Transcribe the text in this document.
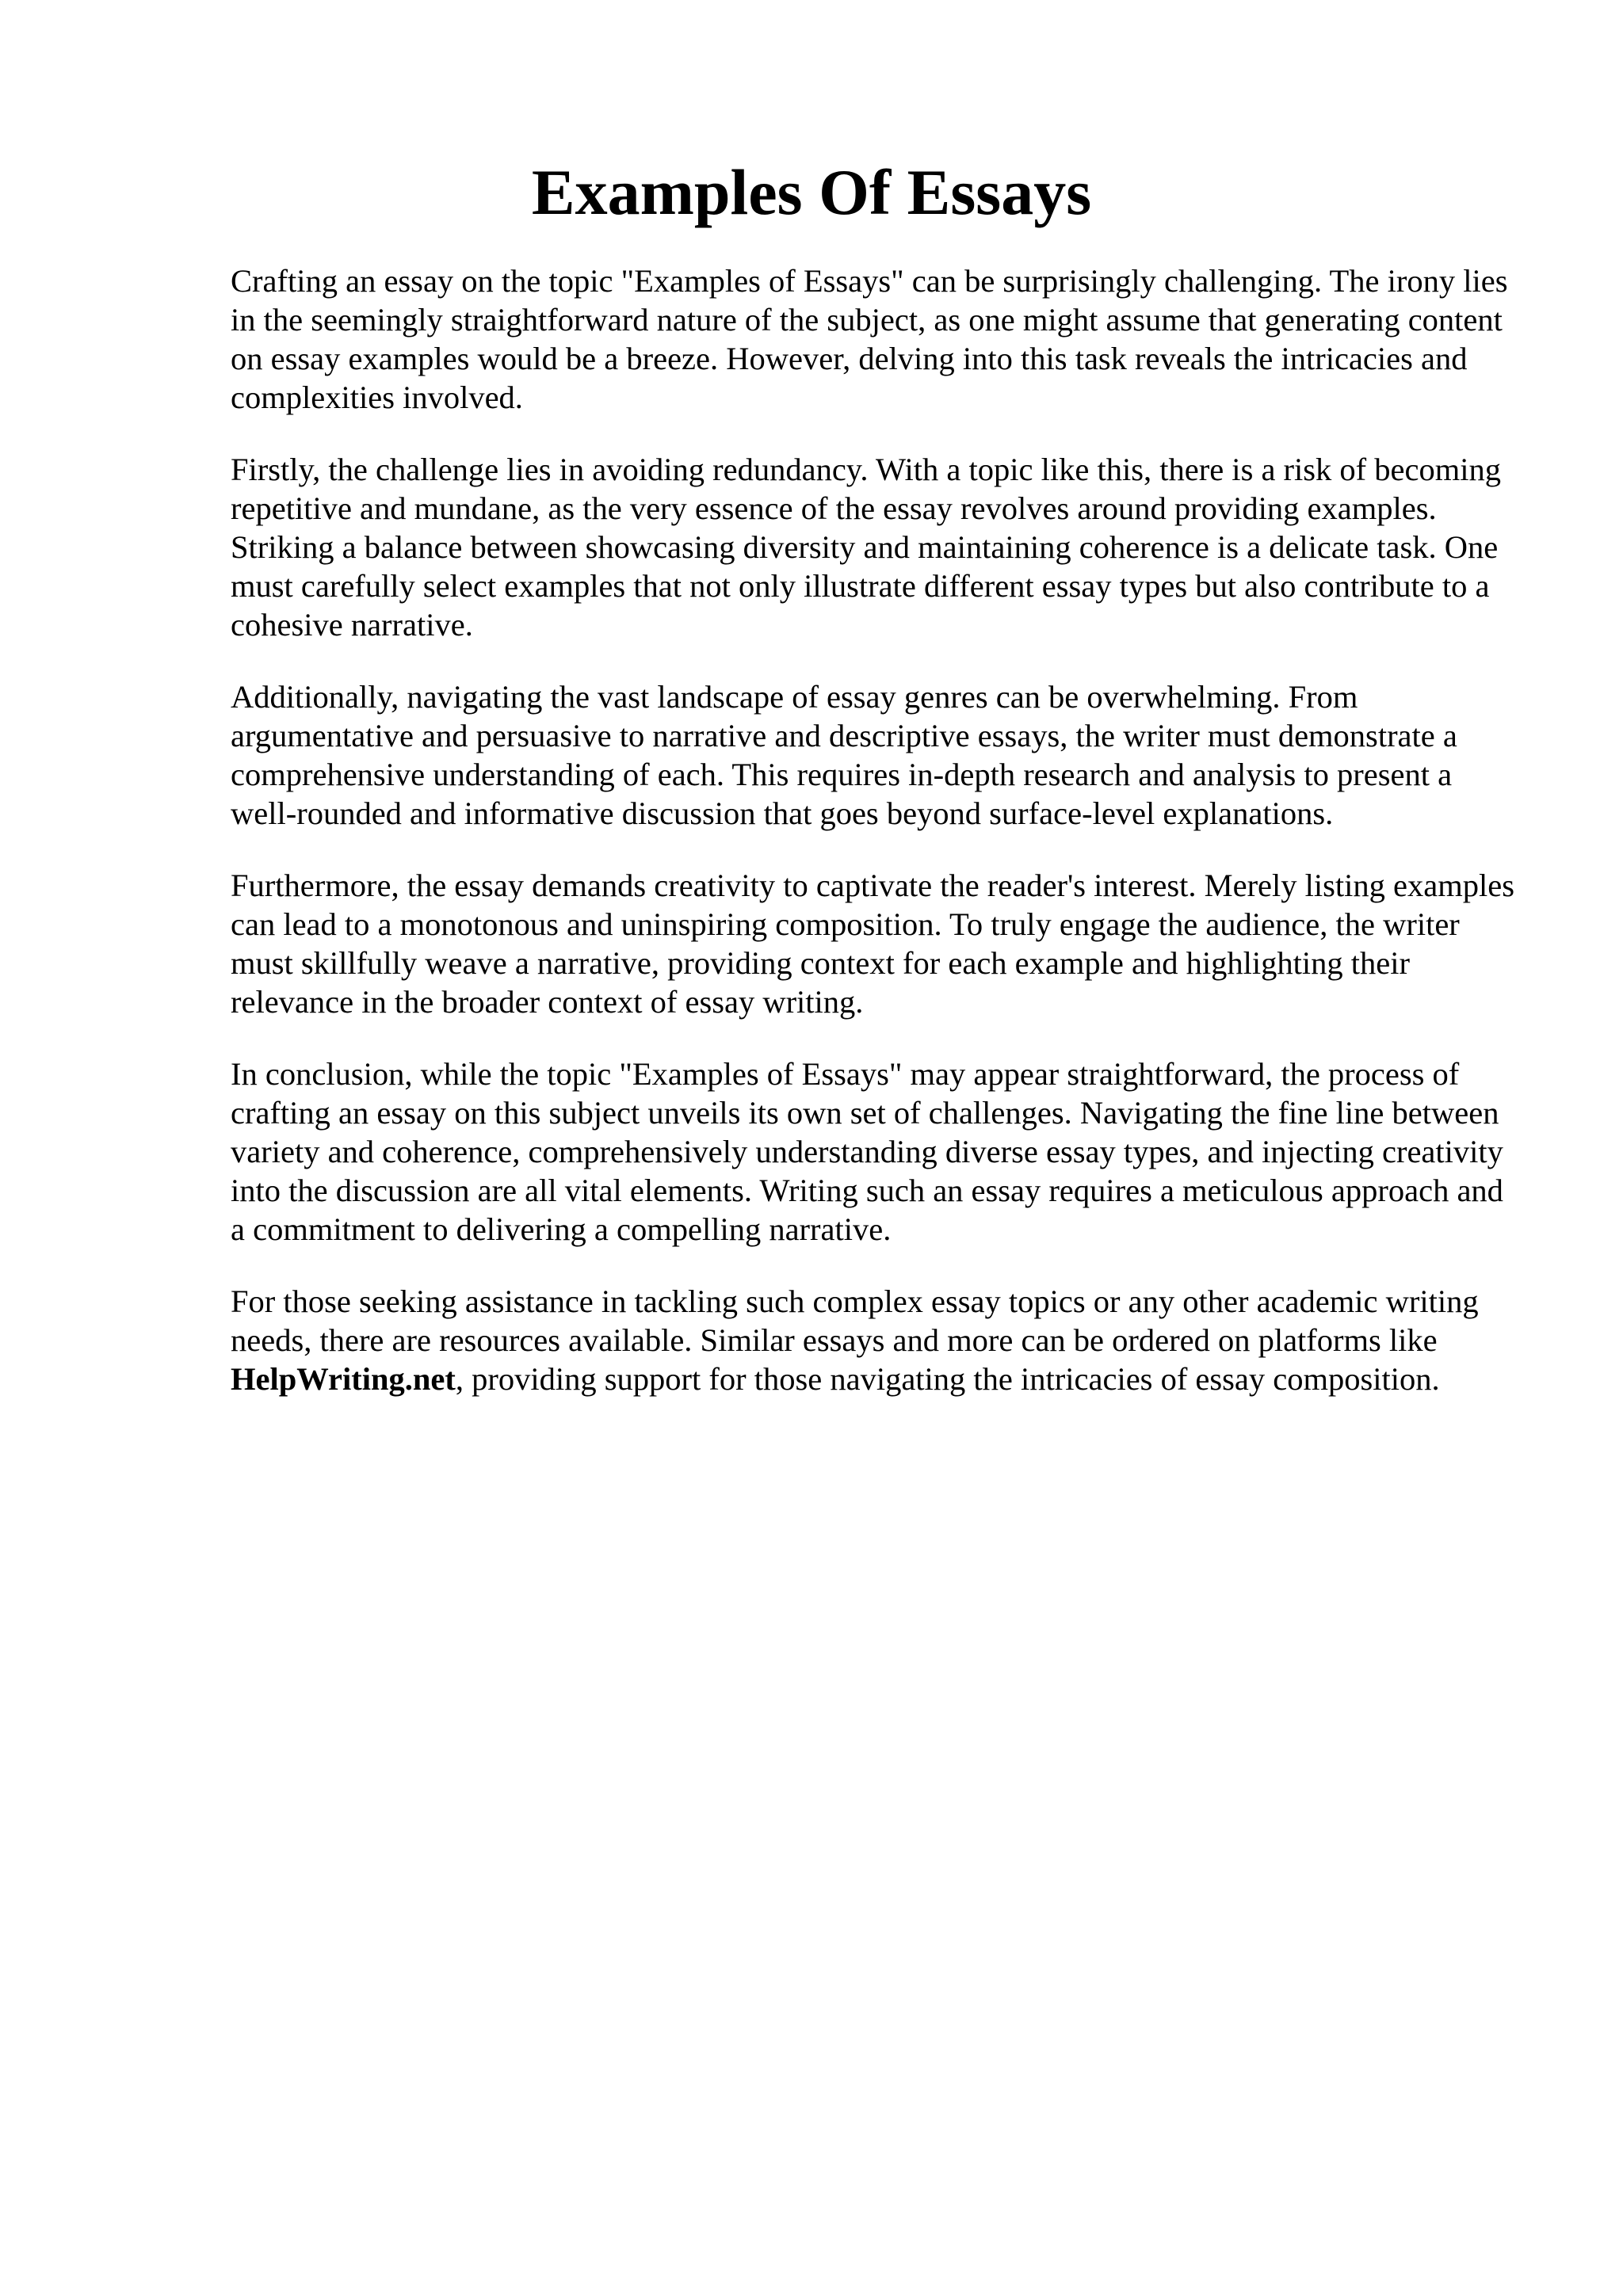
Examples Of Essays

Crafting an essay on the topic "Examples of Essays" can be surprisingly challenging. The irony lies in the seemingly straightforward nature of the subject, as one might assume that generating content on essay examples would be a breeze. However, delving into this task reveals the intricacies and complexities involved.

Firstly, the challenge lies in avoiding redundancy. With a topic like this, there is a risk of becoming repetitive and mundane, as the very essence of the essay revolves around providing examples. Striking a balance between showcasing diversity and maintaining coherence is a delicate task. One must carefully select examples that not only illustrate different essay types but also contribute to a cohesive narrative.

Additionally, navigating the vast landscape of essay genres can be overwhelming. From argumentative and persuasive to narrative and descriptive essays, the writer must demonstrate a comprehensive understanding of each. This requires in-depth research and analysis to present a well-rounded and informative discussion that goes beyond surface-level explanations.

Furthermore, the essay demands creativity to captivate the reader's interest. Merely listing examples can lead to a monotonous and uninspiring composition. To truly engage the audience, the writer must skillfully weave a narrative, providing context for each example and highlighting their relevance in the broader context of essay writing.

In conclusion, while the topic "Examples of Essays" may appear straightforward, the process of crafting an essay on this subject unveils its own set of challenges. Navigating the fine line between variety and coherence, comprehensively understanding diverse essay types, and injecting creativity into the discussion are all vital elements. Writing such an essay requires a meticulous approach and a commitment to delivering a compelling narrative.

For those seeking assistance in tackling such complex essay topics or any other academic writing needs, there are resources available. Similar essays and more can be ordered on platforms like HelpWriting.net, providing support for those navigating the intricacies of essay composition.
